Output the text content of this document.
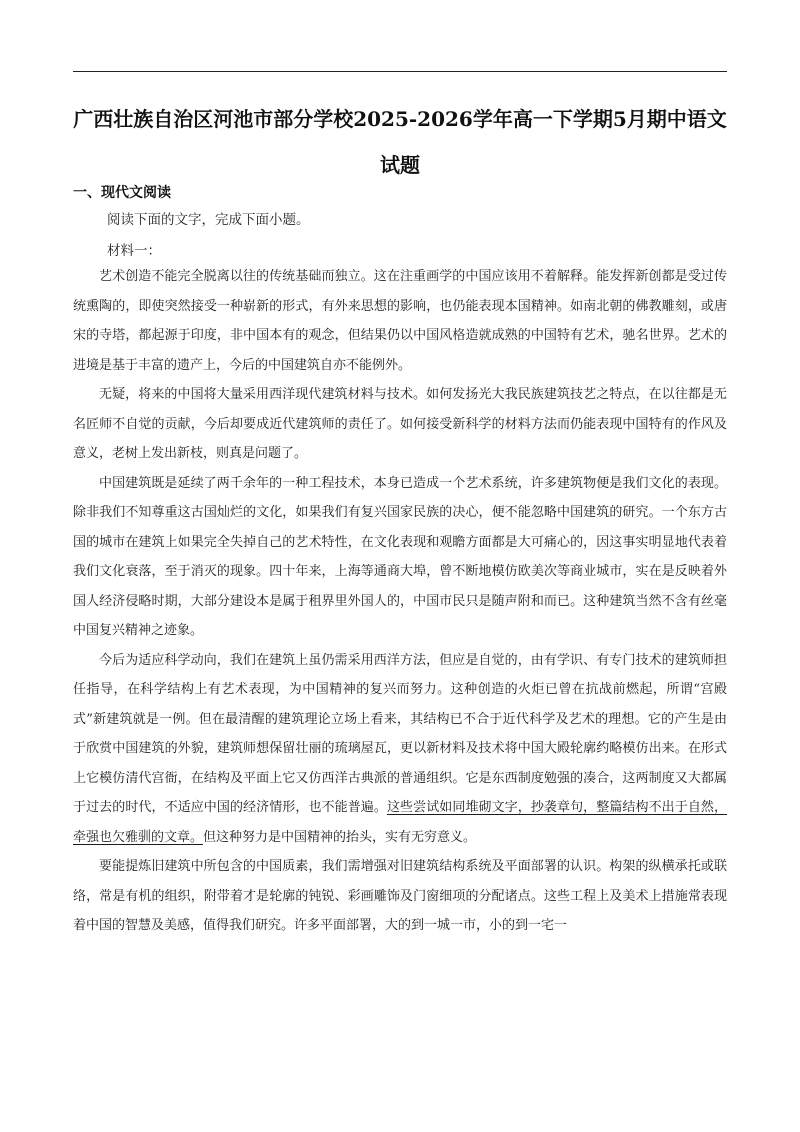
广西壮族自治区河池市部分学校2025-2026学年高一下学期5月期中语文试题
一、现代文阅读
阅读下面的文字，完成下面小题。
材料一：

艺术创造不能完全脱离以往的传统基础而独立。这在注重画学的中国应该用不着解释。能发挥新创都是受过传统熏陶的，即使突然接受一种崭新的形式，有外来思想的影响，也仍能表现本国精神。如南北朝的佛教雕刻，或唐宋的寺塔，都起源于印度，非中国本有的观念，但结果仍以中国风格造就成熟的中国特有艺术，驰名世界。艺术的进境是基于丰富的遗产上，今后的中国建筑自亦不能例外。

无疑，将来的中国将大量采用西洋现代建筑材料与技术。如何发扬光大我民族建筑技艺之特点，在以往都是无名匠师不自觉的贡献，今后却要成近代建筑师的责任了。如何接受新科学的材料方法而仍能表现中国特有的作风及意义，老树上发出新枝，则真是问题了。

中国建筑既是延续了两千余年的一种工程技术，本身已造成一个艺术系统，许多建筑物便是我们文化的表现。除非我们不知尊重这古国灿烂的文化，如果我们有复兴国家民族的决心，便不能忽略中国建筑的研究。一个东方古国的城市在建筑上如果完全失掉自己的艺术特性，在文化表现和观瞻方面都是大可痛心的，因这事实明显地代表着我们文化衰落，至于消灭的现象。四十年来，上海等通商大埠，曾不断地模仿欧美次等商业城市，实在是反映着外国人经济侵略时期，大部分建设本是属于租界里外国人的，中国市民只是随声附和而已。这种建筑当然不含有丝毫中国复兴精神之迹象。

今后为适应科学动向，我们在建筑上虽仍需采用西洋方法，但应是自觉的，由有学识、有专门技术的建筑师担任指导，在科学结构上有艺术表现，为中国精神的复兴而努力。这种创造的火炬已曾在抗战前燃起，所谓“宫殿式”新建筑就是一例。但在最清醒的建筑理论立场上看来，其结构已不合于近代科学及艺术的理想。它的产生是由于欣赏中国建筑的外貌，建筑师想保留壮丽的琉璃屋瓦，更以新材料及技术将中国大殿轮廓约略模仿出来。在形式上它模仿清代宫衙，在结构及平面上它又仿西洋古典派的普通组织。它是东西制度勉强的凑合，这两制度又大都属于过去的时代，不适应中国的经济情形，也不能普遍。这些尝试如同堆砌文字，抄袭章句，整篇结构不出于自然，牵强也欠雅驯的文章。但这种努力是中国精神的抬头，实有无穷意义。

要能提炼旧建筑中所包含的中国质素，我们需增强对旧建筑结构系统及平面部署的认识。构架的纵横承托或联络，常是有机的组织，附带着才是轮廓的钝锐、彩画雕饰及门窗细项的分配诸点。这些工程上及美术上措施常表现着中国的智慧及美感，值得我们研究。许多平面部署，大的到一城一市，小的到一宅一
